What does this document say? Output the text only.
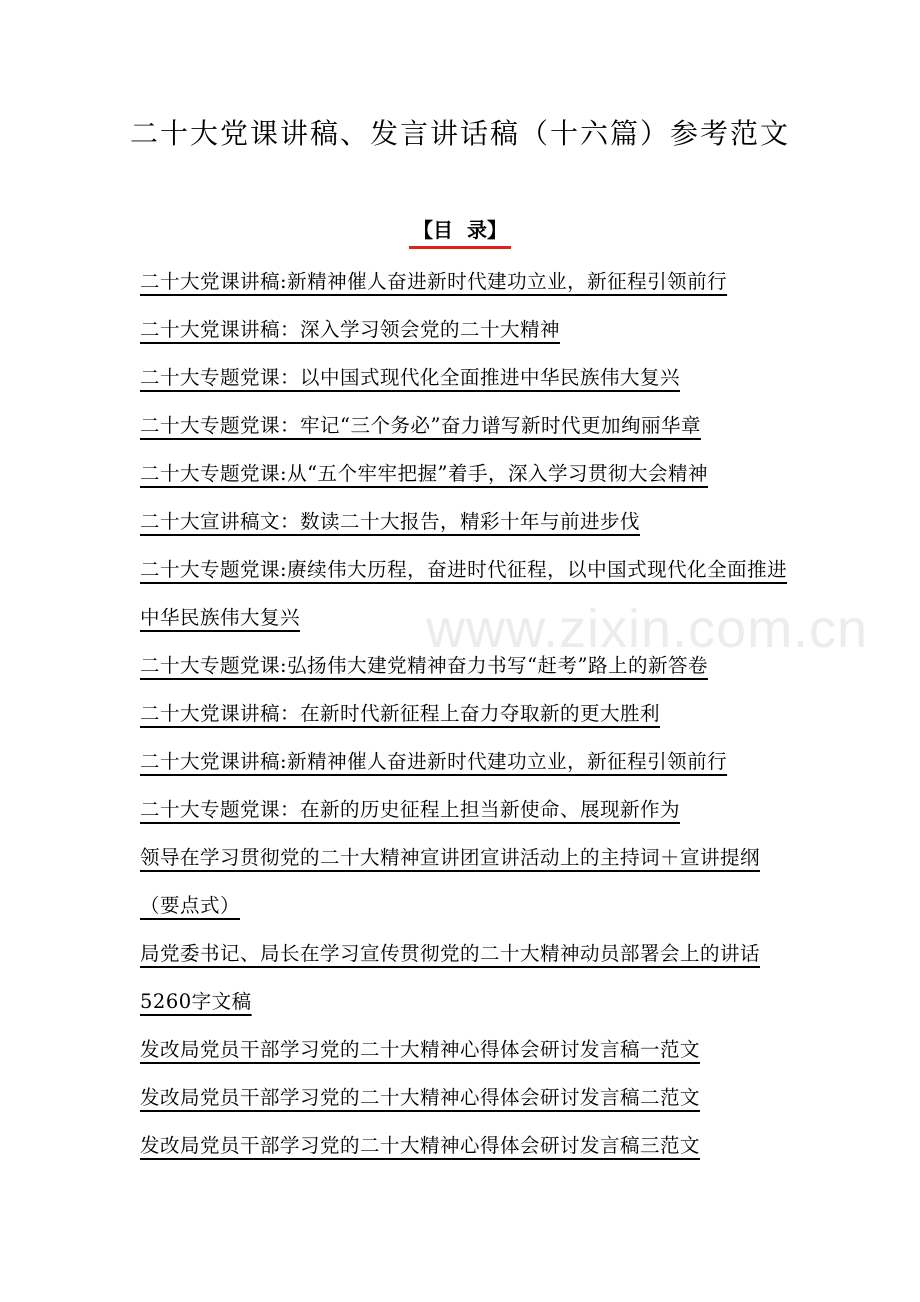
www.zixin.com.cn
二十大党课讲稿、发言讲话稿（十六篇）参考范文
【目  录】
二十大党课讲稿:新精神催人奋进新时代建功立业，新征程引领前行
二十大党课讲稿：深入学习领会党的二十大精神
二十大专题党课：以中国式现代化全面推进中华民族伟大复兴
二十大专题党课：牢记“三个务必”奋力谱写新时代更加绚丽华章
二十大专题党课:从“五个牢牢把握”着手，深入学习贯彻大会精神
二十大宣讲稿文：数读二十大报告，精彩十年与前进步伐
二十大专题党课:赓续伟大历程，奋进时代征程，以中国式现代化全面推进中华民族伟大复兴
二十大专题党课:弘扬伟大建党精神奋力书写“赶考”路上的新答卷
二十大党课讲稿：在新时代新征程上奋力夺取新的更大胜利
二十大党课讲稿:新精神催人奋进新时代建功立业，新征程引领前行
二十大专题党课：在新的历史征程上担当新使命、展现新作为
领导在学习贯彻党的二十大精神宣讲团宣讲活动上的主持词＋宣讲提纲（要点式）
局党委书记、局长在学习宣传贯彻党的二十大精神动员部署会上的讲话5260字文稿
发改局党员干部学习党的二十大精神心得体会研讨发言稿一范文
发改局党员干部学习党的二十大精神心得体会研讨发言稿二范文
发改局党员干部学习党的二十大精神心得体会研讨发言稿三范文
